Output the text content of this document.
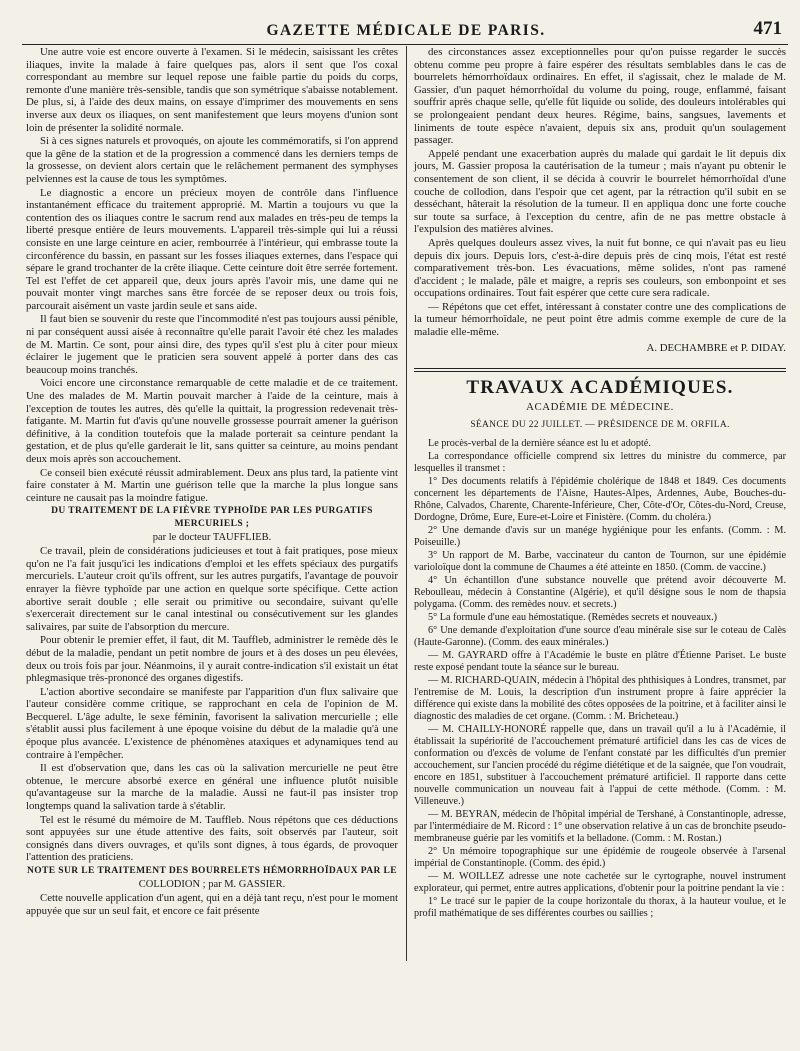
GAZETTE MÉDICALE DE PARIS.	471

Une autre voie est encore ouverte à l'examen. Si le médecin, saisissant les crêtes iliaques, invite la malade à faire quelques pas, alors il sent que l'os coxal correspondant au membre sur lequel repose une faible partie du poids du corps, remonte d'une manière très-sensible, tandis que son symétrique s'abaisse notablement. De plus, si, à l'aide des deux mains, on essaye d'imprimer des mouvements en sens inverse aux deux os iliaques, on sent manifestement que leurs moyens d'union sont loin de présenter la solidité normale.

Si à ces signes naturels et provoqués, on ajoute les commémoratifs, si l'on apprend que la gêne de la station et de la progression a commencé dans les derniers temps de la grossesse, on devient alors certain que le relâchement permanent des symphyses pelviennes est la cause de tous les symptômes.

Le diagnostic a encore un précieux moyen de contrôle dans l'influence instantanément efficace du traitement approprié. M. Martin a toujours vu que la contention des os iliaques contre le sacrum rend aux malades en très-peu de temps la liberté presque entière de leurs mouvements. L'appareil très-simple qui lui a réussi consiste en une large ceinture en acier, rembourrée à l'intérieur, qui embrasse toute la circonférence du bassin, en passant sur les fosses iliaques externes, dans l'espace qui sépare le grand trochanter de la crête iliaque. Cette ceinture doit être serrée fortement. Tel est l'effet de cet appareil que, deux jours après l'avoir mis, une dame qui ne pouvait monter vingt marches sans être forcée de se reposer deux ou trois fois, parcourait aisément un vaste jardin seule et sans aide.

Il faut bien se souvenir du reste que l'incommodité n'est pas toujours aussi pénible, ni par conséquent aussi aisée à reconnaître qu'elle parait l'avoir été chez les malades de M. Martin. Ce sont, pour ainsi dire, des types qu'il s'est plu à citer pour mieux éclairer le jugement que le praticien sera souvent appelé à porter dans des cas beaucoup moins tranchés.

Voici encore une circonstance remarquable de cette maladie et de ce traitement. Une des malades de M. Martin pouvait marcher à l'aide de la ceinture, mais à l'exception de toutes les autres, dès qu'elle la quittait, la progression redevenait très-fatigante. M. Martin fut d'avis qu'une nouvelle grossesse pourrait amener la guérison définitive, à la condition toutefois que la malade porterait sa ceinture pendant la gestation, et de plus qu'elle garderait le lit, sans quitter sa ceinture, au moins pendant deux mois après son accouchement.

Ce conseil bien exécuté réussit admirablement. Deux ans plus tard, la patiente vint faire constater à M. Martin une guérison telle que la marche la plus longue sans ceinture ne causait pas la moindre fatigue.

DU TRAITEMENT DE LA FIÈVRE TYPHOÏDE PAR LES PURGATIFS MERCURIELS ;

par le docteur TAUFFLIEB.

Ce travail, plein de considérations judicieuses et tout à fait pratiques, pose mieux qu'on ne l'a fait jusqu'ici les indications d'emploi et les effets spéciaux des purgatifs mercuriels. L'auteur croit qu'ils offrent, sur les autres purgatifs, l'avantage de pouvoir enrayer la fièvre typhoïde par une action en quelque sorte spécifique. Cette action abortive serait double ; elle serait ou primitive ou secondaire, suivant qu'elle s'exercerait directement sur le canal intestinal ou consécutivement sur les glandes salivaires, par suite de l'absorption du mercure.

Pour obtenir le premier effet, il faut, dit M. Tauffleb, administrer le remède dès le début de la maladie, pendant un petit nombre de jours et à des doses un peu élevées, deux ou trois fois par jour. Néanmoins, il y aurait contre-indication s'il existait un état phlegmasique très-prononcé des organes digestifs.

L'action abortive secondaire se manifeste par l'apparition d'un flux salivaire que l'auteur considère comme critique, se rapprochant en cela de l'opinion de M. Becquerel. L'âge adulte, le sexe féminin, favorisent la salivation mercurielle ; elle s'établit aussi plus facilement à une époque voisine du début de la maladie qu'à une époque plus avancée. L'existence de phénomènes ataxiques et adynamiques tend au contraire à l'empêcher.

Il est d'observation que, dans les cas où la salivation mercurielle ne peut être obtenue, le mercure absorbé exerce en général une influence plutôt nuisible qu'avantageuse sur la marche de la maladie. Aussi ne faut-il pas insister trop longtemps quand la salivation tarde à s'établir.

Tel est le résumé du mémoire de M. Tauffleb. Nous répétons que ces déductions sont appuyées sur une étude attentive des faits, soit observés par l'auteur, soit consignés dans divers ouvrages, et qu'ils sont dignes, à tous égards, de provoquer l'attention des praticiens.

NOTE SUR LE TRAITEMENT DES BOURRELETS HÉMORRHOÏDAUX PAR LE

COLLODION ; par M. GASSIER.

Cette nouvelle application d'un agent, qui en a déjà tant reçu, n'est pour le moment appuyée que sur un seul fait, et encore ce fait présente

des circonstances assez exceptionnelles pour qu'on puisse regarder le succès obtenu comme peu propre à faire espérer des résultats semblables dans le cas de bourrelets hémorrhoïdaux ordinaires. En effet, il s'agissait, chez le malade de M. Gassier, d'un paquet hémorrhoïdal du volume du poing, rouge, enflammé, faisant souffrir après chaque selle, qu'elle fût liquide ou solide, des douleurs intolérables qui se prolongeaient pendant deux heures. Régime, bains, sangsues, lavements et liniments de toute espèce n'avaient, depuis six ans, produit qu'un soulagement passager.

Appelé pendant une exacerbation auprès du malade qui gardait le lit depuis dix jours, M. Gassier proposa la cautérisation de la tumeur ; mais n'ayant pu obtenir le consentement de son client, il se décida à couvrir le bourrelet hémorrhoïdal d'une couche de collodion, dans l'espoir que cet agent, par la rétraction qu'il subit en se desséchant, hâterait la résolution de la tumeur. Il en appliqua donc une forte couche sur toute sa surface, à l'exception du centre, afin de ne pas mettre obstacle à l'expulsion des matières alvines.

Après quelques douleurs assez vives, la nuit fut bonne, ce qui n'avait pas eu lieu depuis dix jours. Depuis lors, c'est-à-dire depuis près de cinq mois, l'état est resté comparativement très-bon. Les évacuations, même solides, n'ont pas ramené d'accident ; le malade, pâle et maigre, a repris ses couleurs, son embonpoint et ses occupations ordinaires. Tout fait espérer que cette cure sera radicale.

— Répétons que cet effet, intéressant à constater contre une des complications de la tumeur hémorrhoïdale, ne peut point être admis comme exemple de cure de la maladie elle-même.

A. DECHAMBRE et P. DIDAY.
TRAVAUX ACADÉMIQUES.
ACADÉMIE DE MÉDECINE.
SÉANCE DU 22 JUILLET. — PRÉSIDENCE DE M. ORFILA.

Le procès-verbal de la dernière séance est lu et adopté.

La correspondance officielle comprend six lettres du ministre du commerce, par lesquelles il transmet :

1° Des documents relatifs à l'épidémie cholérique de 1848 et 1849. Ces documents concernent les départements de l'Aisne, Hautes-Alpes, Ardennes, Aube, Bouches-du-Rhône, Calvados, Charente, Charente-Inférieure, Cher, Côte-d'Or, Côtes-du-Nord, Creuse, Dordogne, Drôme, Eure, Eure-et-Loire et Finistère. (Comm. du choléra.)

2° Une demande d'avis sur un manége hygiénique pour les enfants. (Comm. : M. Poiseuille.)

3° Un rapport de M. Barbe, vaccinateur du canton de Tournon, sur une épidémie varioloïque dont la commune de Chaumes a été atteinte en 1850. (Comm. de vaccine.)

4° Un échantillon d'une substance nouvelle que prétend avoir découverte M. Reboulleau, médecin à Constantine (Algérie), et qu'il désigne sous le nom de thapsia polygama. (Comm. des remèdes nouv. et secrets.)

5° La formule d'une eau hémostatique. (Remèdes secrets et nouveaux.)

6° Une demande d'exploitation d'une source d'eau minérale sise sur le coteau de Calès (Haute-Garonne). (Comm. des eaux minérales.)

— M. GAYRARD offre à l'Académie le buste en plâtre d'Étienne Pariset. Le buste reste exposé pendant toute la séance sur le bureau.

— M. RICHARD-QUAIN, médecin à l'hôpital des phthisiques à Londres, transmet, par l'entremise de M. Louis, la description d'un instrument propre à faire apprécier la différence qui existe dans la mobilité des côtes opposées de la poitrine, et à faciliter ainsi le diagnostic des maladies de cet organe. (Comm. : M. Bricheteau.)

— M. CHAILLY-HONORÉ rappelle que, dans un travail qu'il a lu à l'Académie, il établissait la supériorité de l'accouchement prématuré artificiel dans les cas de vices de conformation ou d'excès de volume de l'enfant constaté par les difficultés d'un premier accouchement, sur l'ancien procédé du régime diététique et de la saignée, que l'on voudrait, encore en 1851, substituer à l'accouchement prématuré artificiel. Il rapporte dans cette nouvelle communication un nouveau fait à l'appui de cette méthode. (Comm. : M. Villeneuve.)

— M. BEYRAN, médecin de l'hôpital impérial de Tershané, à Constantinople, adresse, par l'intermédiaire de M. Ricord : 1° une observation relative à un cas de bronchite pseudo-membraneuse guérie par les vomitifs et la belladone. (Comm. : M. Rostan.)

2° Un mémoire topographique sur une épidémie de rougeole observée à l'arsenal impérial de Constantinople. (Comm. des épid.)

— M. WOILLEZ adresse une note cachetée sur le cyrtographe, nouvel instrument explorateur, qui permet, entre autres applications, d'obtenir pour la poitrine pendant la vie :

1° Le tracé sur le papier de la coupe horizontale du thorax, à la hauteur voulue, et le profil mathématique de ses différentes courbes ou saillies ;
